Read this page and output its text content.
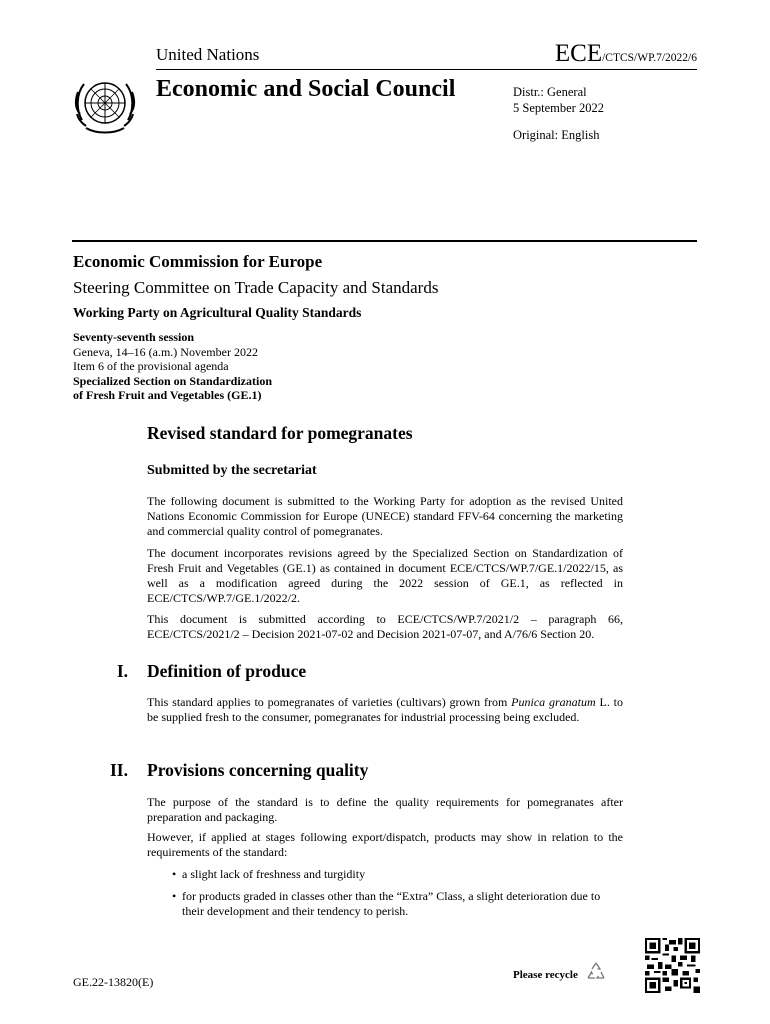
United Nations	ECE/CTCS/WP.7/2022/6
Economic and Social Council	Distr.: General
5 September 2022
Original: English
Economic Commission for Europe
Steering Committee on Trade Capacity and Standards
Working Party on Agricultural Quality Standards
Seventy-seventh session
Geneva, 14–16 (a.m.) November 2022
Item 6 of the provisional agenda
Specialized Section on Standardization
of Fresh Fruit and Vegetables (GE.1)
Revised standard for pomegranates
Submitted by the secretariat
The following document is submitted to the Working Party for adoption as the revised United Nations Economic Commission for Europe (UNECE) standard FFV-64 concerning the marketing and commercial quality control of pomegranates.
The document incorporates revisions agreed by the Specialized Section on Standardization of Fresh Fruit and Vegetables (GE.1) as contained in document ECE/CTCS/WP.7/GE.1/2022/15, as well as a modification agreed during the 2022 session of GE.1, as reflected in ECE/CTCS/WP.7/GE.1/2022/2.
This document is submitted according to ECE/CTCS/WP.7/2021/2 – paragraph 66, ECE/CTCS/2021/2 – Decision 2021-07-02 and Decision 2021-07-07, and A/76/6 Section 20.
I. Definition of produce
This standard applies to pomegranates of varieties (cultivars) grown from Punica granatum L. to be supplied fresh to the consumer, pomegranates for industrial processing being excluded.
II. Provisions concerning quality
The purpose of the standard is to define the quality requirements for pomegranates after preparation and packaging.
However, if applied at stages following export/dispatch, products may show in relation to the requirements of the standard:
• a slight lack of freshness and turgidity
• for products graded in classes other than the “Extra” Class, a slight deterioration due to their development and their tendency to perish.
GE.22-13820(E)	Please recycle
